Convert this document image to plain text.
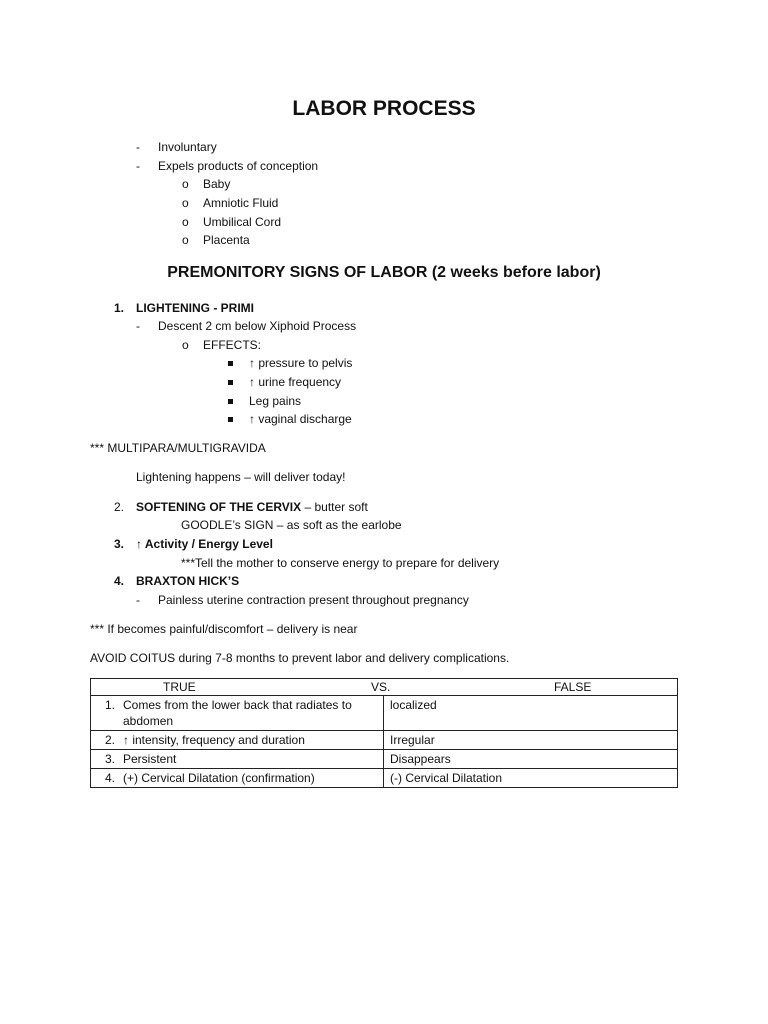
LABOR PROCESS
- Involuntary
- Expels products of conception
o Baby
o Amniotic Fluid
o Umbilical Cord
o Placenta
PREMONITORY SIGNS OF LABOR (2 weeks before labor)
1. LIGHTENING - PRIMI
- Descent 2 cm below Xiphoid Process
o EFFECTS:
↑ pressure to pelvis
↑ urine frequency
Leg pains
↑ vaginal discharge
*** MULTIPARA/MULTIGRAVIDA
Lightening happens – will deliver today!
2. SOFTENING OF THE CERVIX – butter soft
GOODLE’s SIGN – as soft as the earlobe
3. ↑ Activity / Energy Level
***Tell the mother to conserve energy to prepare for delivery
4. BRAXTON HICK’S
- Painless uterine contraction present throughout pregnancy
*** If becomes painful/discomfort – delivery is near
AVOID COITUS during 7-8 months to prevent labor and delivery complications.
TRUE VS. FALSE	

1. Comes from the lower back that radiates to abdomen	localized
2. ↑ intensity, frequency and duration	Irregular
3. Persistent	Disappears
4. (+) Cervical Dilatation (confirmation)	(-) Cervical Dilatation
